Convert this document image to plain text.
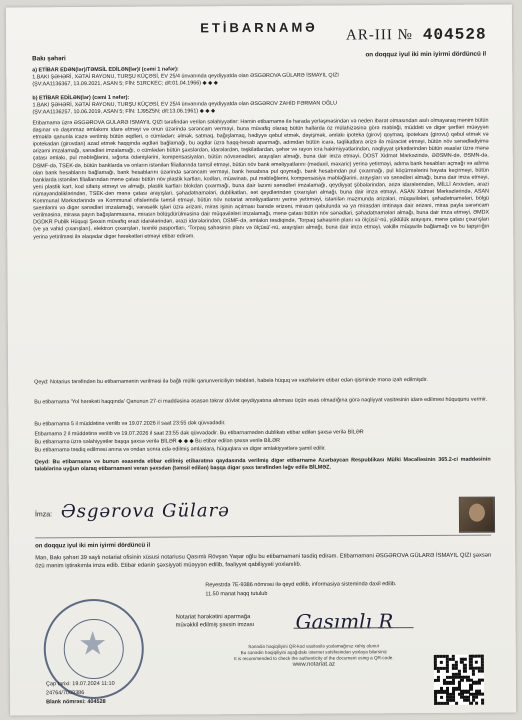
ETİBARNAMƏ	AR-III № 404528
Bakı şəhəri
on doqquz iyul iki min iyirmi dördüncü il
a) ETİBAR EDƏN(lər)/TƏMSİL EDİLƏN(lər)/ (cəmi 1 nəfər):
1.BAKI ŞƏHƏRİ, XƏTAİ RAYONU, TURŞU KÜÇƏSİ, EV 25/4 ünvanında qeydiyyatda olan ƏSGƏROVA GÜLARƏ İSMAYIL QIZI
(ŞV:AA1136367, 13.09.2021, ASAN 5; FİN: 51RCKEC; d/t:01.04.1966) ◆ ◆ ◆
b) ETİBAR EDİLƏN(lər) (cəmi 1 nəfər):
1.BAKI ŞƏHƏRİ, XƏTAİ RAYONU, TURŞU KÜÇƏSİ, EV 25/4 ünvanında qeydiyyatda olan ƏSGƏROV ZAHİD FƏRMAN OĞLU
(ŞV:AA1136257, 10.06.2019, ASAN 5; FİN: 1J95Z5N; d/t:13.06.1961) ◆ ◆ ◆
Etibarnamə üzrə ƏSGƏROVA GÜLARƏ İSMAYIL QIZI tərəfindən verilən səlahiyyətlər: Həmin etibarnamə ilə harada yerləşməsindən və neden ibarət olmasından asılı olmayaraq mənim bütün daşınar və daşınmaz əmlakımı idarə etməyi və onun üzərində sərəncam verməyi, buna müvafiq olaraq bütün hallarda öz mülahizəsinə görə məbləği, müddəti və digər şərtləri müəyyən etməklə qanunla icazə verilmiş bütün əqdləri, o cümlədən: əlmək, satmaq, bağışlamaq, hədiyyə qəbul etmək, dəyişmək, əmlakı ipoteka (girov) qoymaq, ipotekanı (girovu) qəbul etmək və ipotekadan (girovdan) azad etmək haqqında əqdləri bağlamağı, bu əqdlər üzrə haqq-hesab aparmağı, adımdan bütün icarə, təqlikatlara ərizə ilə müraciət etməyi, bütün növ sənədlədiyimə ərizəmi imzalamağı, sənədləri imzalamağı, o cümlədən bütün şəxslərdən, idarələrdən, təşkilatlardan, şəhər və rayon icra hakimiyyətlərindən, nəqliyyat şirkətlərindən bütün əsaslar üzrə mənə çatası əmlakı, pul məbləğlərini, sığorta ödənişlərini, kompensasiyaları, bütün növsənədləri, arayışları almağı, buna dair imza etməyi, DOST Xidmət Mərkəzində, ƏƏSMN-də, ƏSMN-də, DSMF-də, TSEK-də, bütün banklarda və onların istənilən filiallarında təmsil etməyi, bütün növ bank əməliyyatlarını (mədaxil, məxaric) yerinə yetirməyi, adıma bank hesabları açmağı və adıma olan bank hesablarını bağlamağı, bank hesablarını üzərində sərəncam verməyi, bank hesabına pul qoymağı, bank hesabından pul çıxarmağı, pul köçürmələrini həyata keçirməyi, bütün banklarda istənilən filiallarından mənə çatası bütün növ plastik kartları, kodları, müavinatı, pul məbləğlərini, kompensasiya məbləğlərini, arayışları və sənədləri almağı, buna dair imza etməyi, yeni plastik kart, kod sifariş etməyi və almağı, plastik kartları blokdan çıxarmağı, buna dair lazımi sənədləri imzalamağı, qeydiyyat şöbələrindən, ərizə idarələrindən, MİLLİ Arxivdən, arazi nümayəndəliklərindən, TSEK-dən mənə çatası arayışları, şəhadətnamələri, dublikatları, əət qeydlərindən çıxarışları almağı, buna dair imza etməyi, ASAN Xidmət Mərkəzlərində, ASAN Kommunal Mərkəzlərində və Kommunal ofislərində təmsil etməyi, bütün növ notariat əməliyyatlarını yerinə yetirməyi, istənilən məzmunda ərizələri, müqavilələri, şəhadətnamələri, bölgü sxemlərini və digər sənədləri imzalamağı, vərəsəlik işləri üzrə ərizəni, miras işinin açılması barədə ərizəni, mirasın qəbulunda və ya mirasdan imtinaya dair ərizəni, miras payla sərəncam verilməsinə, mirasa payın bağışlanmasına, mirasın bölüşdürülməsinə dair müqavilələri imzalamağı, mənə çatası bütün növ sənədləri, şəhadətnamələri almağı, buna dair imza etməyi, ƏMDX DGDKR Publik Hüquqi Şəxsin müvafiq ərazi idarələrindən, ərazi idarələrindən, DSMF-də, əmlakın təsdiqində, 'Torpaq sahəsinin planı və ölçüsü'-nü, yüklülük arayışını, mənə çatası çıxarışları (ve ya vahid çıxarışları), elektron çıxarışları, texniki pasportları, 'Torpaq sahəsinin planı və ölçüsü'-nü, arayışları almağı, buna dair imza etməyi, vəkillə müqavilə bağlamağı və bu tapşırığın yerinə yetirilməsi ilə əlaqədar digər hərəkətləri etməyi etibar edirəm.
Qeyd: Notarius tərəfindən bu etibarnamənin verilməsi ilə bağlı mülki qanunvericiliyin tələbləri, habelə hüquq və vəzifələrim etibar edən qisminde mənə izah edilmişdir.
Bu etibarnamə 'Yol hərəkəti haqqında' Qanunun 27-ci maddəsinə əsasən təkrar dövlət qeydiyyatına alınması üçün əsas olmadığına görə nəqliyyat vasitəsinin idarə edilməsi hüququnu vermir.
Bu etibarnamə 5 il müddətinə verilib və 19.07.2026 il saat 23:55 dək qüvvədədir.
Etibarnamə 2 il müddətinə verilib və 19.07.2026 il saat 23:55 dək qüvvədədir. Bu etibarnamədən dublikatı etibar edilən şəxsə verilə BİLƏR
Bu etibarnamə üzrə səlahiyyətlər başqa şəxsə verilə BİLƏR ◆ ◆ ◆ Bu etibar edilən şəxsə verilə BİLƏR
Bu etibarnamə təsdiq edilməsi anına və ondan sonra edə edilmiş əmlaklara, hüquqlara və digər əmlakiyyətlərə şamil edilir.
Qeyd: Bu etibarnamə və bunun əsasında etibar edilmiş etibarətmə qaydasında verilmiş digər etibarnamə Azərbaycan Respublikası Mülki Məcəlləsinin 365.2-ci maddəsinin tələblərinə uyğun olaraq etibarnaməni veran şəxsdən (təmsil edilən) başqa digər şəxs tərəfindən ləğv edilə BİLMƏZ.
İmza: Əsgərova Gülarə
on doqquz iyul iki min iyirmi dördüncü il
Mən, Bakı şəhəri 39 saylı notariat ofisinin xüsusi notariusu Qasımlı Rövşən Yaşar oğlu bu etibarnaməni təsdiq edirəm. Etibarnaməni ƏSGƏROVA GÜLARƏ İSMAYIL QIZI şəxsən özü mənim iştirakımla imza edib. Etibar edənin şəxsiyyəti müəyyən edilib, fəaliyyət qabiliyyəti yoxlanılıb.
Reyestrdə 7E-9386 nömrəsi ilə qeyd edilib, informasiya sistemində daxil edilib.
11.50 manat haqq tutulub
Notariat hərəkətini aparmağa
müvəkkil edilmiş şəxsin imzası Gasımlı R
Sənədin həqiqiliyini QR-kod vasitəsilə yoxlamağınız xahiş olunur
Bu sənədin həqiqiliyini aşağıdakı internet səhifəsindən yoxlaya bilərsiniz
It is recommended to check the authenticity of the document using a QR-code.
www.notariat.az
Çap tarixi: 19.07.2024 11:10
24764/7009386
Blank nömrəsi: 404528
